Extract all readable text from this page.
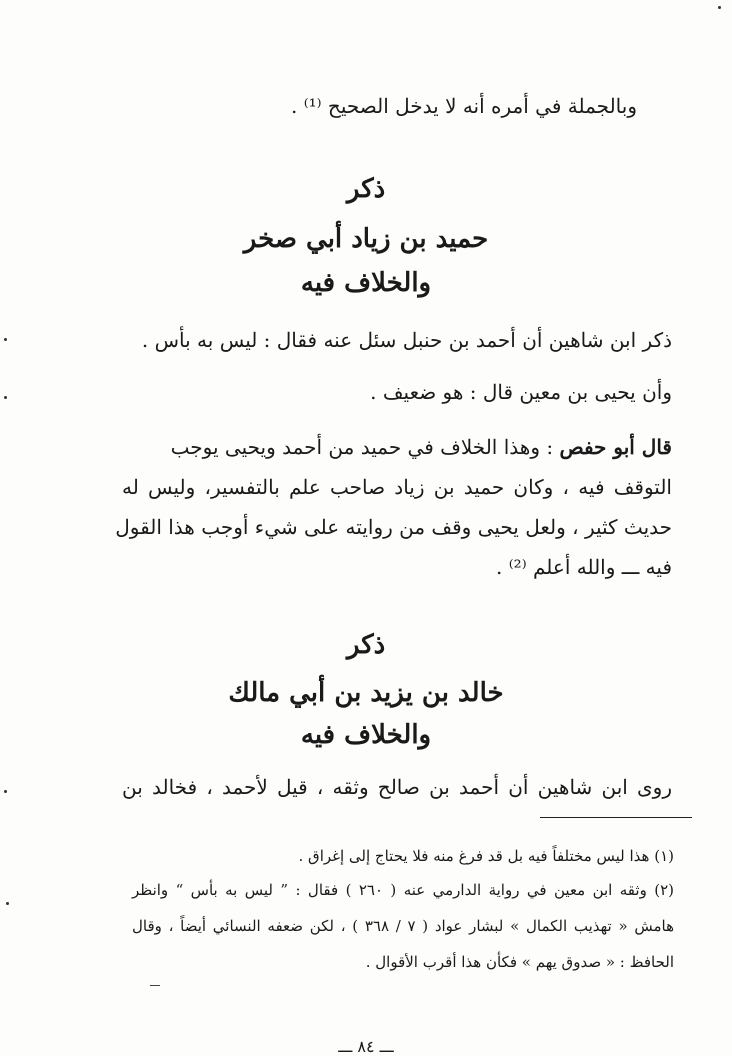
وبالجملة في أمره أنه لا يدخل الصحيح ⁽¹⁾ .
ذكر
حميد بن زياد أبي صخر
والخلاف فيه
ذكر ابن شاهين أن أحمد بن حنبل سئل عنه فقال : ليس به بأس .
وأن يحيى بن معين قال : هو ضعيف .
قال أبو حفص : وهذا الخلاف في حميد من أحمد ويحيى يوجب
التوقف فيه ، وكان حميد بن زياد صاحب علم بالتفسير، وليس له
حديث كثير ، ولعل يحيى وقف من روايته على شيء أوجب هذا القول
فيه ـــ والله أعلم ⁽²⁾ .
ذكر
خالد بن يزيد بن أبي مالك
والخلاف فيه
روى ابن شاهين أن أحمد بن صالح وثقه ، قيل لأحمد ، فخالد بن
(١) هذا ليس مختلفاً فيه بل قد فرغ منه فلا يحتاج إلى إغراق .
(٢) وثقه ابن معين في رواية الدارمي عنه ( ٢٦٠ ) فقال : ” ليس به بأس “ وانظر
هامش « تهذيب الكمال » لبشار عواد ( ٧ / ٣٦٨ ) ، لكن ضعفه النسائي أيضاً ، وقال
الحافظ : « صدوق يهم » فكأن هذا أقرب الأقوال .
ـــ ٨٤ ـــ
